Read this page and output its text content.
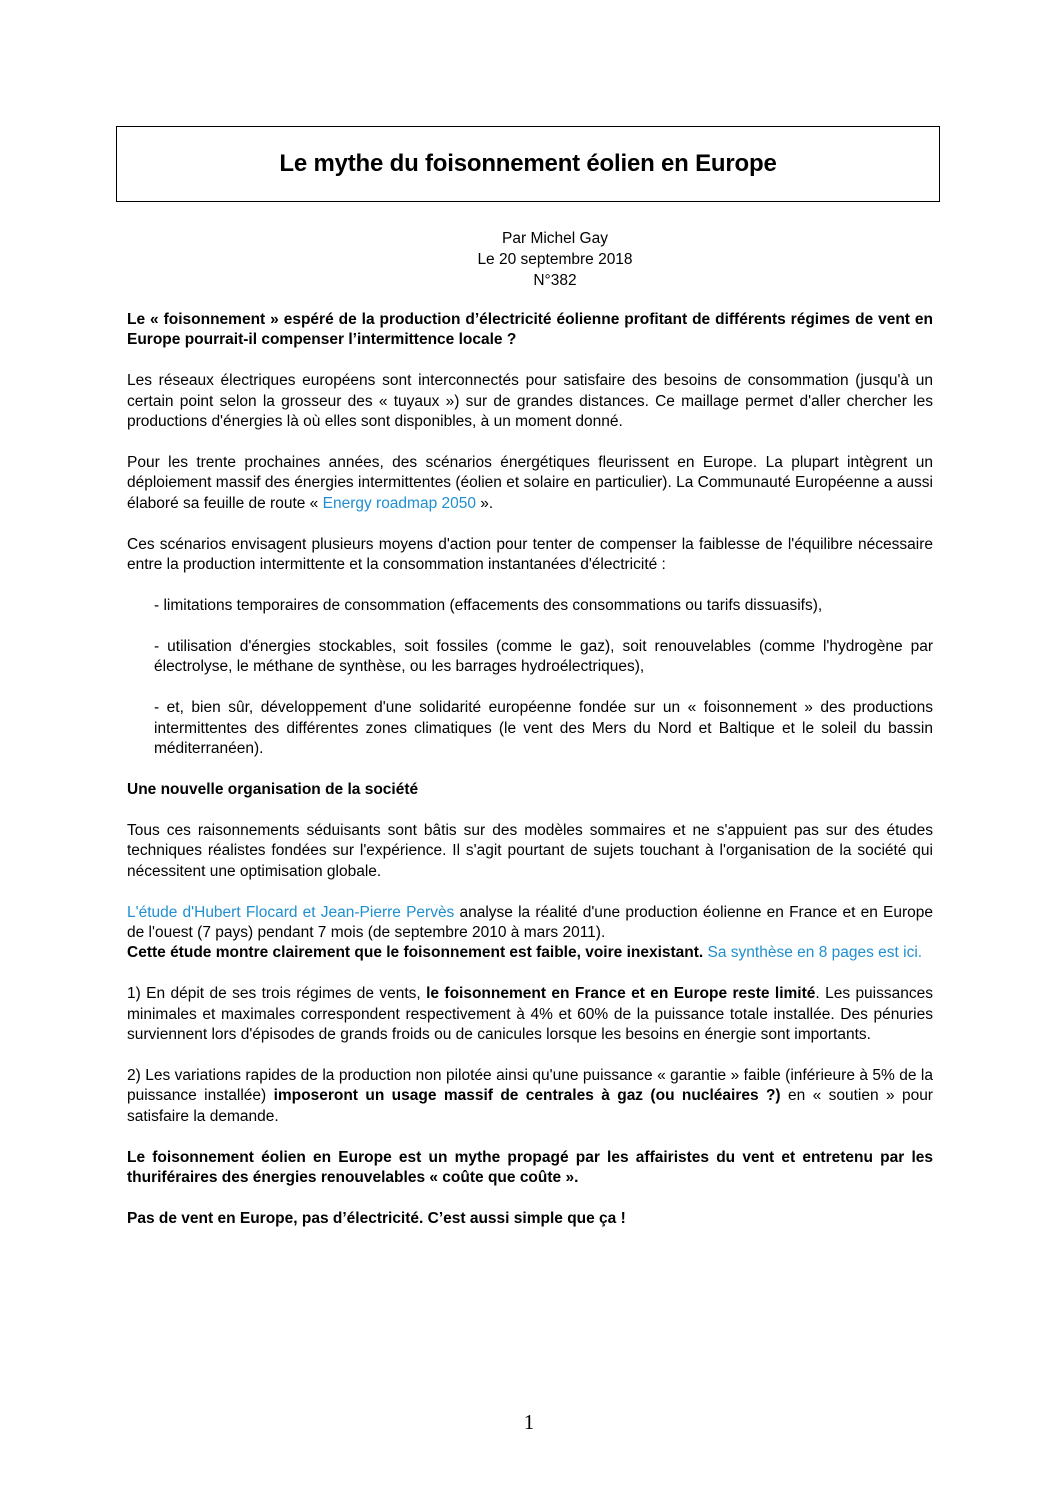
Le mythe du foisonnement éolien en Europe
Par Michel Gay
Le 20 septembre 2018
N°382

Le « foisonnement » espéré de la production d’électricité éolienne profitant de différents régimes de vent en Europe pourrait-il compenser l’intermittence locale ?

Les réseaux électriques européens sont interconnectés pour satisfaire des besoins de consommation (jusqu'à un certain point selon la grosseur des « tuyaux ») sur de grandes distances. Ce maillage permet d'aller chercher les productions d'énergies là où elles sont disponibles, à un moment donné.

Pour les trente prochaines années, des scénarios énergétiques fleurissent en Europe. La plupart intègrent un déploiement massif des énergies intermittentes (éolien et solaire en particulier). La Communauté Européenne a aussi élaboré sa feuille de route « Energy roadmap 2050 ».

Ces scénarios envisagent plusieurs moyens d'action pour tenter de compenser la faiblesse de l'équilibre nécessaire entre la production intermittente et la consommation instantanées d'électricité :

- limitations temporaires de consommation (effacements des consommations ou tarifs dissuasifs),

- utilisation d'énergies stockables, soit fossiles (comme le gaz), soit renouvelables (comme l'hydrogène par électrolyse, le méthane de synthèse, ou les barrages hydroélectriques),

- et, bien sûr, développement d'une solidarité européenne fondée sur un « foisonnement » des productions intermittentes des différentes zones climatiques (le vent des Mers du Nord et Baltique et le soleil du bassin méditerranéen).

Une nouvelle organisation de la société

Tous ces raisonnements séduisants sont bâtis sur des modèles sommaires et ne s'appuient pas sur des études techniques réalistes fondées sur l'expérience. Il s'agit pourtant de sujets touchant à l'organisation de la société qui nécessitent une optimisation globale.

L'étude d'Hubert Flocard et Jean-Pierre Pervès analyse la réalité d'une production éolienne en France et en Europe de l'ouest (7 pays) pendant 7 mois (de septembre 2010 à mars 2011).

Cette étude montre clairement que le foisonnement est faible, voire inexistant. Sa synthèse en 8 pages est ici.

1) En dépit de ses trois régimes de vents, le foisonnement en France et en Europe reste limité. Les puissances minimales et maximales correspondent respectivement à 4% et 60% de la puissance totale installée. Des pénuries surviennent lors d'épisodes de grands froids ou de canicules lorsque les besoins en énergie sont importants.

2) Les variations rapides de la production non pilotée ainsi qu'une puissance « garantie » faible (inférieure à 5% de la puissance installée) imposeront un usage massif de centrales à gaz (ou nucléaires ?) en « soutien » pour satisfaire la demande.

Le foisonnement éolien en Europe est un mythe propagé par les affairistes du vent et entretenu par les thuriféraires des énergies renouvelables « coûte que coûte ».

Pas de vent en Europe, pas d’électricité. C’est aussi simple que ça !

1
